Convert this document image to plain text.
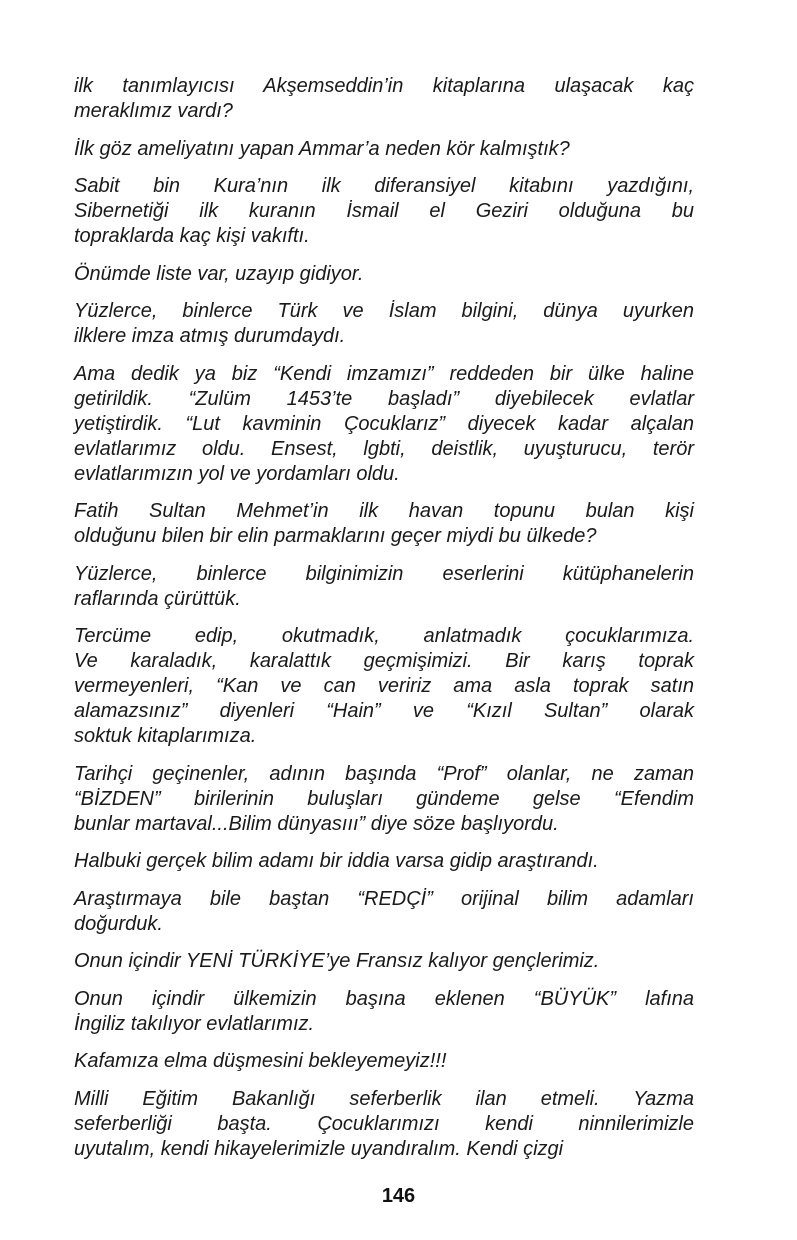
ilk tanımlayıcısı Akşemseddin’in kitaplarına ulaşacak kaç
meraklımız vardı?

İlk göz ameliyatını yapan Ammar’a neden kör kalmıştık?

Sabit bin Kura’nın ilk diferansiyel kitabını yazdığını,
Sibernetiği ilk kuranın İsmail el Geziri olduğuna bu
topraklarda kaç kişi vakıftı.

Önümde liste var, uzayıp gidiyor.

Yüzlerce, binlerce Türk ve İslam bilgini, dünya uyurken
ilklere imza atmış durumdaydı.

Ama dedik ya biz “Kendi imzamızı” reddeden bir ülke haline
getirildik. “Zulüm 1453’te başladı” diyebilecek evlatlar
yetiştirdik. “Lut kavminin Çocuklarız” diyecek kadar alçalan
evlatlarımız oldu. Ensest, lgbti, deistlik, uyuşturucu, terör
evlatlarımızın yol ve yordamları oldu.

Fatih Sultan Mehmet’in ilk havan topunu bulan kişi
olduğunu bilen bir elin parmaklarını geçer miydi bu ülkede?

Yüzlerce, binlerce bilginimizin eserlerini kütüphanelerin
raflarında çürüttük.

Tercüme edip, okutmadık, anlatmadık çocuklarımıza.
Ve karaladık, karalattık geçmişimizi. Bir karış toprak
vermeyenleri, “Kan ve can veririz ama asla toprak satın
alamazsınız” diyenleri “Hain” ve “Kızıl Sultan” olarak
soktuk kitaplarımıza.

Tarihçi geçinenler, adının başında “Prof” olanlar, ne zaman
“BİZDEN” birilerinin buluşları gündeme gelse “Efendim
bunlar martaval...Bilim dünyasııı” diye söze başlıyordu.

Halbuki gerçek bilim adamı bir iddia varsa gidip araştırandı.

Araştırmaya bile baştan “REDÇİ” orijinal bilim adamları
doğurduk.

Onun içindir YENİ TÜRKİYE’ye Fransız kalıyor gençlerimiz.

Onun içindir ülkemizin başına eklenen “BÜYÜK” lafına
İngiliz takılıyor evlatlarımız.

Kafamıza elma düşmesini bekleyemeyiz!!!

Milli Eğitim Bakanlığı seferberlik ilan etmeli. Yazma
seferberliği başta. Çocuklarımızı kendi ninnilerimizle
uyutalım, kendi hikayelerimizle uyandıralım. Kendi çizgi

146
